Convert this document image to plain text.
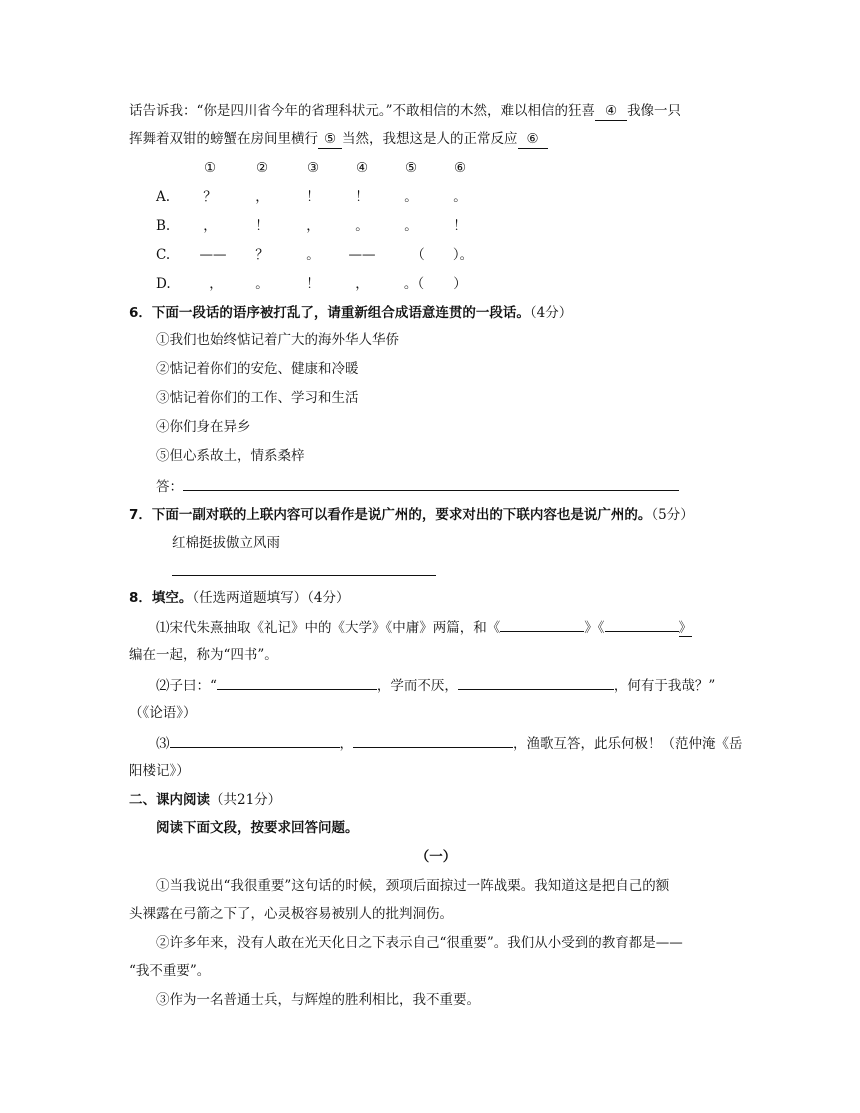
话告诉我：“你是四川省今年的省理科状元。”不敢相信的木然，难以相信的狂喜 ④ 我像一只
挥舞着双钳的螃蟹在房间里横行 ⑤ 当然，我想这是人的正常反应 ⑥
①	②	③	④	⑤	⑥
A.	？	，	！	！	。	。
B.	，	！	，	。	。	！
C.	——	？	。	——	（	）。
D.	，	。	！	，	。（	）
6．下面一段话的语序被打乱了，请重新组合成语意连贯的一段话。（4分）
①我们也始终惦记着广大的海外华人华侨
②惦记着你们的安危、健康和冷暖
③惦记着你们的工作、学习和生活
④你们身在异乡
⑤但心系故土，情系桑梓
答：
7．下面一副对联的上联内容可以看作是说广州的，要求对出的下联内容也是说广州的。（5分）
红棉挺拔傲立风雨
8．填空。（任选两道题填写）（4分）
⑴宋代朱熹抽取《礼记》中的《大学》《中庸》两篇，和《	》《	》
编在一起，称为“四书”。
⑵子曰：“	，学而不厌，	，何有于我哉？”
（《论语》）
⑶	，	，渔歌互答，此乐何极！（范仲淹《岳
阳楼记》）
二、课内阅读（共21分）
阅读下面文段，按要求回答问题。
（一）
①当我说出“我很重要”这句话的时候，颈项后面掠过一阵战栗。我知道这是把自己的额
头裸露在弓箭之下了，心灵极容易被别人的批判洞伤。
②许多年来，没有人敢在光天化日之下表示自己“很重要”。我们从小受到的教育都是——
“我不重要”。
③作为一名普通士兵，与辉煌的胜利相比，我不重要。
